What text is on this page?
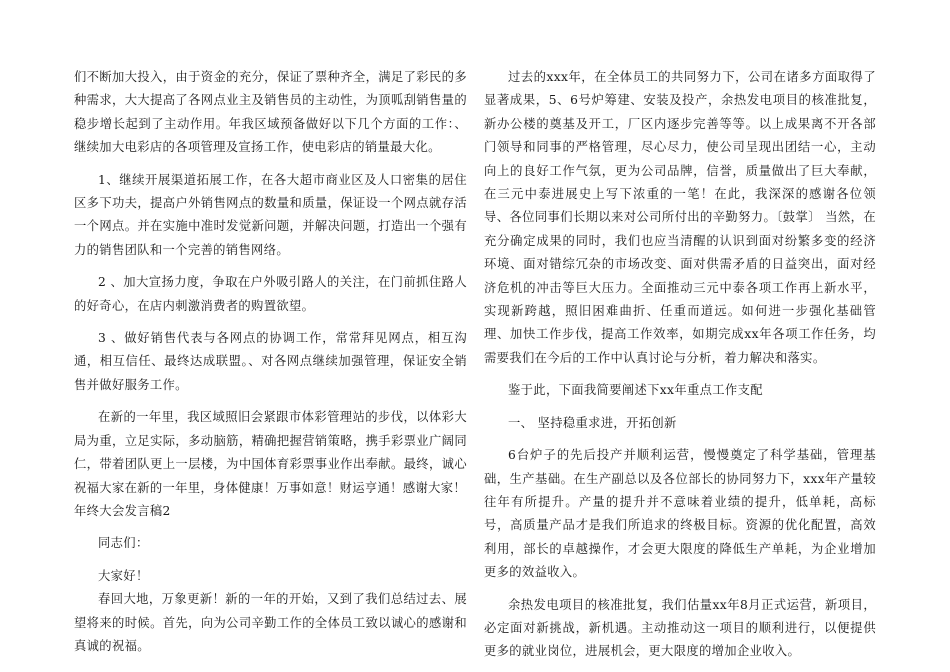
们不断加大投入，由于资金的充分，保证了票种齐全，满足了彩民的多种需求，大大提高了各网点业主及销售员的主动性，为顶呱刮销售量的稳步增长起到了主动作用。年我区域预备做好以下几个方面的工作：、继续加大电彩店的各项管理及宣扬工作，使电彩店的销量最大化。

1、继续开展渠道拓展工作，在各大超市商业区及人口密集的居住区多下功夫，提高户外销售网点的数量和质量，保证设一个网点就存活一个网点。并在实施中准时发觉新问题，并解决问题，打造出一个强有力的销售团队和一个完善的销售网络。

2 、加大宣扬力度，争取在户外吸引路人的关注，在门前抓住路人的好奇心，在店内刺激消费者的购置欲望。

3 、做好销售代表与各网点的协调工作，常常拜见网点，相互沟通，相互信任、最终达成联盟。、对各网点继续加强管理，保证安全销售并做好服务工作。

在新的一年里，我区域照旧会紧跟市体彩管理站的步伐，以体彩大局为重，立足实际，多动脑筋，精确把握营销策略，携手彩票业广阔同仁，带着团队更上一层楼，为中国体育彩票事业作出奉献。最终，诚心祝福大家在新的一年里，身体健康！万事如意！财运亨通！感谢大家！

年终大会发言稿2

同志们：

大家好！

春回大地，万象更新！新的一年的开始，又到了我们总结过去、展望将来的时候。首先，向为公司辛勤工作的全体员工致以诚心的感谢和真诚的祝福。

过去的xxx年，在全体员工的共同努力下，公司在诸多方面取得了显著成果，5、6号炉筹建、安装及投产，余热发电项目的核准批复，新办公楼的奠基及开工，厂区内逐步完善等等。以上成果离不开各部门领导和同事的严格管理，尽心尽力，使公司呈现出团结一心，主动向上的良好工作气氛，更为公司品牌，信誉，质量做出了巨大奉献，在三元中泰进展史上写下浓重的一笔！在此，我深深的感谢各位领导、各位同事们长期以来对公司所付出的辛勤努力。〔鼓掌〕 当然，在充分确定成果的同时，我们也应当清醒的认识到面对纷繁多变的经济环境、面对错综冗杂的市场改变、面对供需矛盾的日益突出，面对经济危机的冲击等巨大压力。全面推动三元中泰各项工作再上新水平，实现新跨越，照旧困难曲折、任重而道远。如何进一步强化基础管理、加快工作步伐，提高工作效率，如期完成xx年各项工作任务，均需要我们在今后的工作中认真讨论与分析，着力解决和落实。

鉴于此，下面我简要阐述下xx年重点工作支配

一、 坚持稳重求进，开拓创新

6台炉子的先后投产并顺利运营，慢慢奠定了科学基础，管理基础，生产基础。在生产副总以及各位部长的协同努力下，xxx年产量较往年有所提升。产量的提升并不意味着业绩的提升，低单耗，高标号，高质量产品才是我们所追求的终极目标。资源的优化配置，高效利用，部长的卓越操作，才会更大限度的降低生产单耗，为企业增加更多的效益收入。

余热发电项目的核准批复，我们估量xx年8月正式运营，新项目，必定面对新挑战，新机遇。主动推动这一项目的顺利进行，以便提供更多的就业岗位，进展机会，更大限度的增加企业收入。
